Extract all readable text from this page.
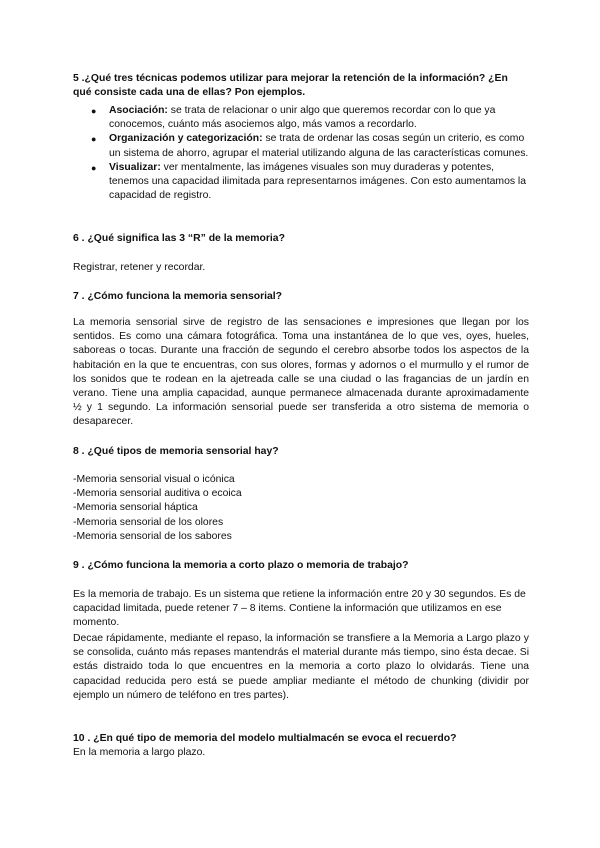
5 .¿Qué tres técnicas podemos utilizar para mejorar la retención de la información? ¿En qué consiste cada una de ellas? Pon ejemplos.

● Asociación: se trata de relacionar o unir algo que queremos recordar con lo que ya conocemos, cuánto más asociemos algo, más vamos a recordarlo.
● Organización y categorización: se trata de ordenar las cosas según un criterio, es como un sistema de ahorro, agrupar el material utilizando alguna de las características comunes.
● Visualizar: ver mentalmente, las imágenes visuales son muy duraderas y potentes, tenemos una capacidad ilimitada para representarnos imágenes. Con esto aumentamos la capacidad de registro.

6 . ¿Qué significa las 3 “R” de la memoria?

Registrar, retener y recordar.

7 . ¿Cómo funciona la memoria sensorial?

La memoria sensorial sirve de registro de las sensaciones e impresiones que llegan por los sentidos. Es como una cámara fotográfica. Toma una instantánea de lo que ves, oyes, hueles, saboreas o tocas. Durante una fracción de segundo el cerebro absorbe todos los aspectos de la habitación en la que te encuentras, con sus olores, formas y adornos o el murmullo y el rumor de los sonidos que te rodean en la ajetreada calle se una ciudad o las fragancias de un jardín en verano. Tiene una amplia capacidad, aunque permanece almacenada durante aproximadamente ½ y 1 segundo. La información sensorial puede ser transferida a otro sistema de memoria o desaparecer.

8 . ¿Qué tipos de memoria sensorial hay?

-Memoria sensorial visual o icónica

-Memoria sensorial auditiva o ecoica

-Memoria sensorial háptica

-Memoria sensorial de los olores

-Memoria sensorial de los sabores

9 . ¿Cómo funciona la memoria a corto plazo o memoria de trabajo?

Es la memoria de trabajo. Es un sistema que retiene la información entre 20 y 30 segundos. Es de capacidad limitada, puede retener 7 – 8 items. Contiene la información que utilizamos en ese momento.

Decae rápidamente, mediante el repaso, la información se transfiere a la Memoria a Largo plazo y se consolida, cuánto más repases mantendrás el material durante más tiempo, sino ésta decae. Si estás distraido toda lo que encuentres en la memoria a corto plazo lo olvidarás. Tiene una capacidad reducida pero está se puede ampliar mediante el método de chunking (dividir por ejemplo un número de teléfono en tres partes).

10 . ¿En qué tipo de memoria del modelo multialmacén se evoca el recuerdo?

En la memoria a largo plazo.
